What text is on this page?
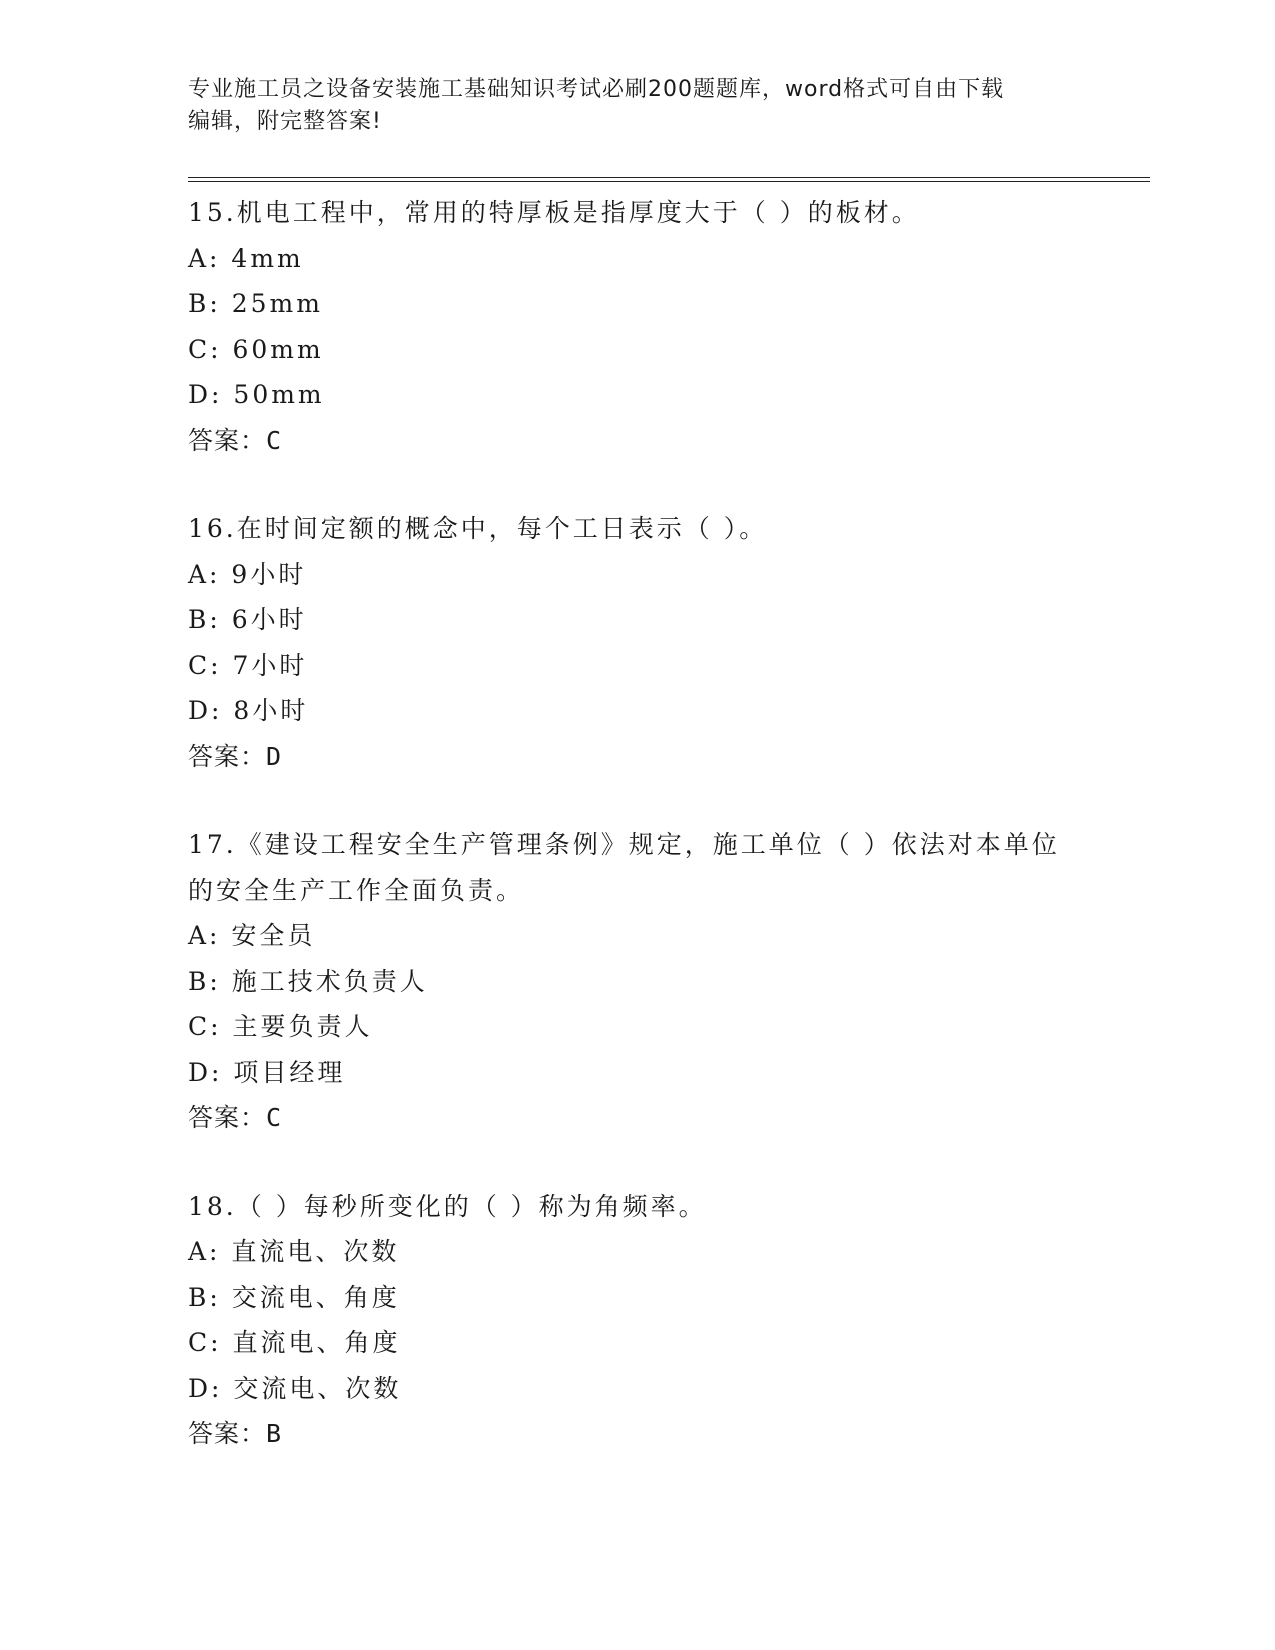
专业施工员之设备安装施工基础知识考试必刷200题题库，word格式可自由下载
编辑，附完整答案!
15.机电工程中，常用的特厚板是指厚度大于（ ）的板材。
A: 4mm
B: 25mm
C: 60mm
D: 50mm
答案：C
16.在时间定额的概念中，每个工日表示（ ）。
A: 9小时
B: 6小时
C: 7小时
D: 8小时
答案：D
17.《建设工程安全生产管理条例》规定，施工单位（ ）依法对本单位的安全生产工作全面负责。
A: 安全员
B: 施工技术负责人
C: 主要负责人
D: 项目经理
答案：C
18.（ ）每秒所变化的（ ）称为角频率。
A: 直流电、次数
B: 交流电、角度
C: 直流电、角度
D: 交流电、次数
答案：B
